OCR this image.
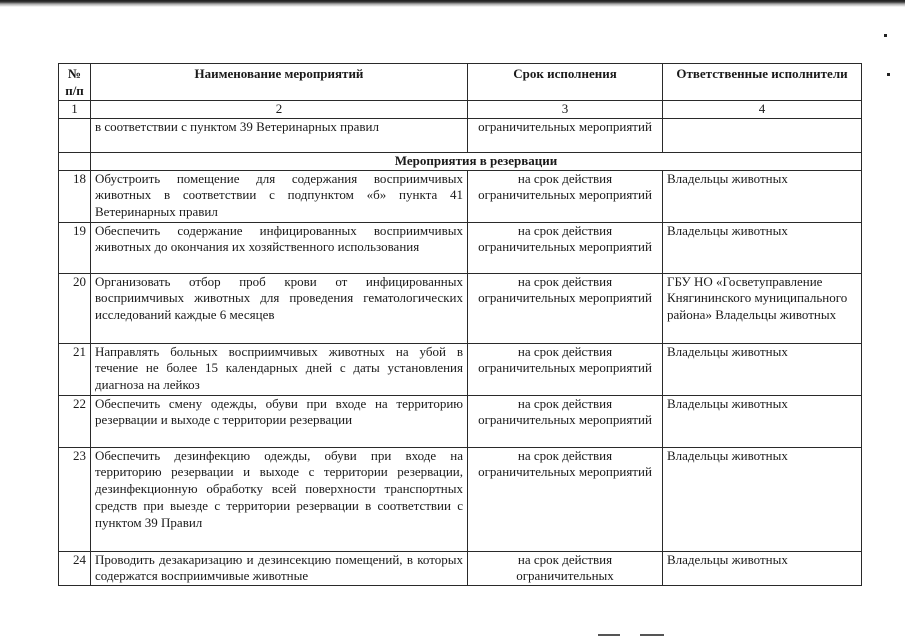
№ п/п	Наименование мероприятий	Срок исполнения	Ответственные исполнители
1	2	3	4
	в соответствии с пунктом 39 Ветеринарных правил	ограничительных мероприятий	
	Мероприятия в резервации		
18	Обустроить помещение для содержания восприимчивых животных в соответствии с подпунктом «б» пункта 41 Ветеринарных правил	на срок действия ограничительных мероприятий	Владельцы животных
19	Обеспечить содержание инфицированных восприимчивых животных до окончания их хозяйственного использования	на срок действия ограничительных мероприятий	Владельцы животных
20	Организовать отбор проб крови от инфицированных восприимчивых животных для проведения гематологических исследований каждые 6 месяцев	на срок действия ограничительных мероприятий	ГБУ НО «Госветуправление Княгининского муниципального района» Владельцы животных
21	Направлять больных восприимчивых животных на убой в течение не более 15 календарных дней с даты установления диагноза на лейкоз	на срок действия ограничительных мероприятий	Владельцы животных
22	Обеспечить смену одежды, обуви при входе на территорию резервации и выходе с территории резервации	на срок действия ограничительных мероприятий	Владельцы животных
23	Обеспечить дезинфекцию одежды, обуви при входе на территорию резервации и выходе с территории резервации, дезинфекционную обработку всей поверхности транспортных средств при выезде с территории резервации в соответствии с пунктом 39 Правил	на срок действия ограничительных мероприятий	Владельцы животных
24	Проводить дезакаризацию и дезинсекцию помещений, в которых содержатся восприимчивые животные	на срок действия ограничительных	Владельцы животных
